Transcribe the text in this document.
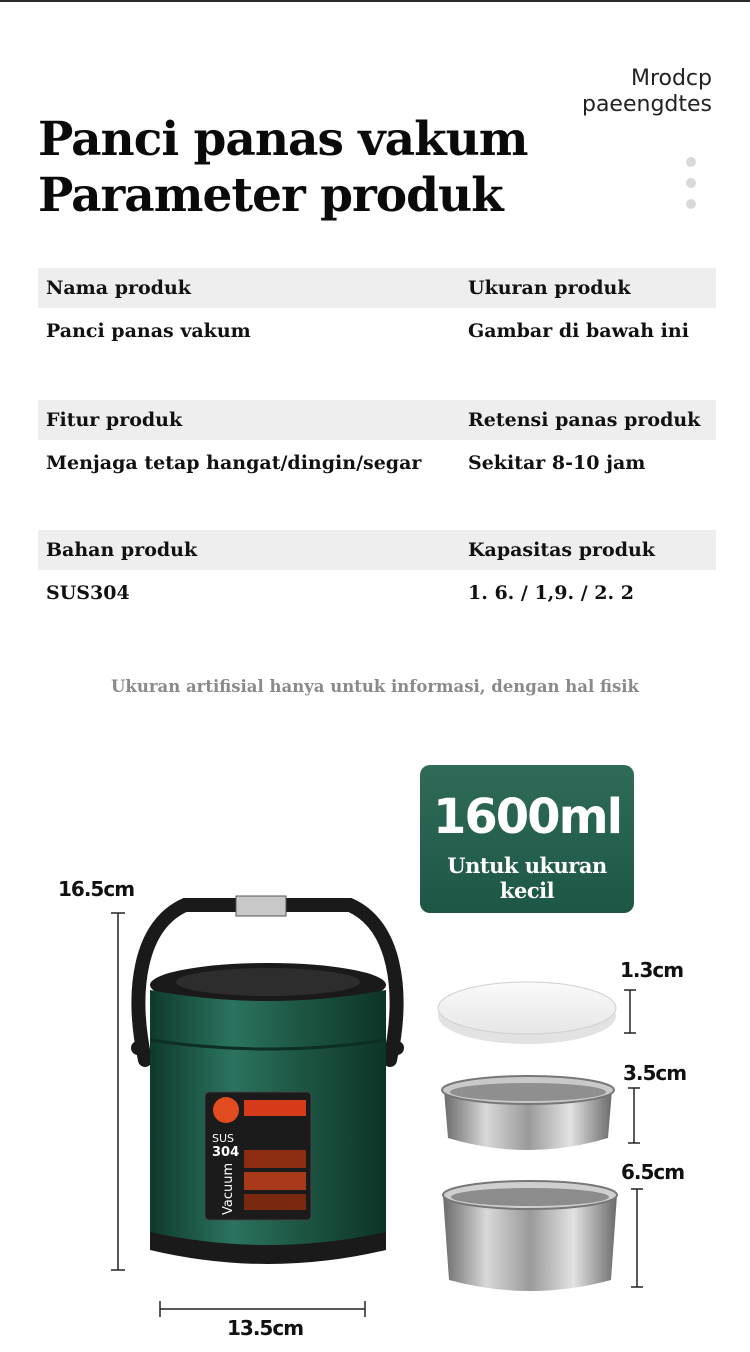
Mrodcp
paeengdtes
Panci panas vakum
Parameter produk
Nama produk	Ukuran produk
Panci panas vakum	Gambar di bawah ini
Fitur produk	Retensi panas produk
Menjaga tetap hangat/dingin/segar	Sekitar 8-10 jam
Bahan produk	Kapasitas produk
SUS304	1. 6. / 1,9. / 2. 2
Ukuran artifisial hanya untuk informasi, dengan hal fisik
1600ml
Untuk ukuran kecil
SUS
304
Vacuum
16.5cm
13.5cm
1.3cm
3.5cm
6.5cm
